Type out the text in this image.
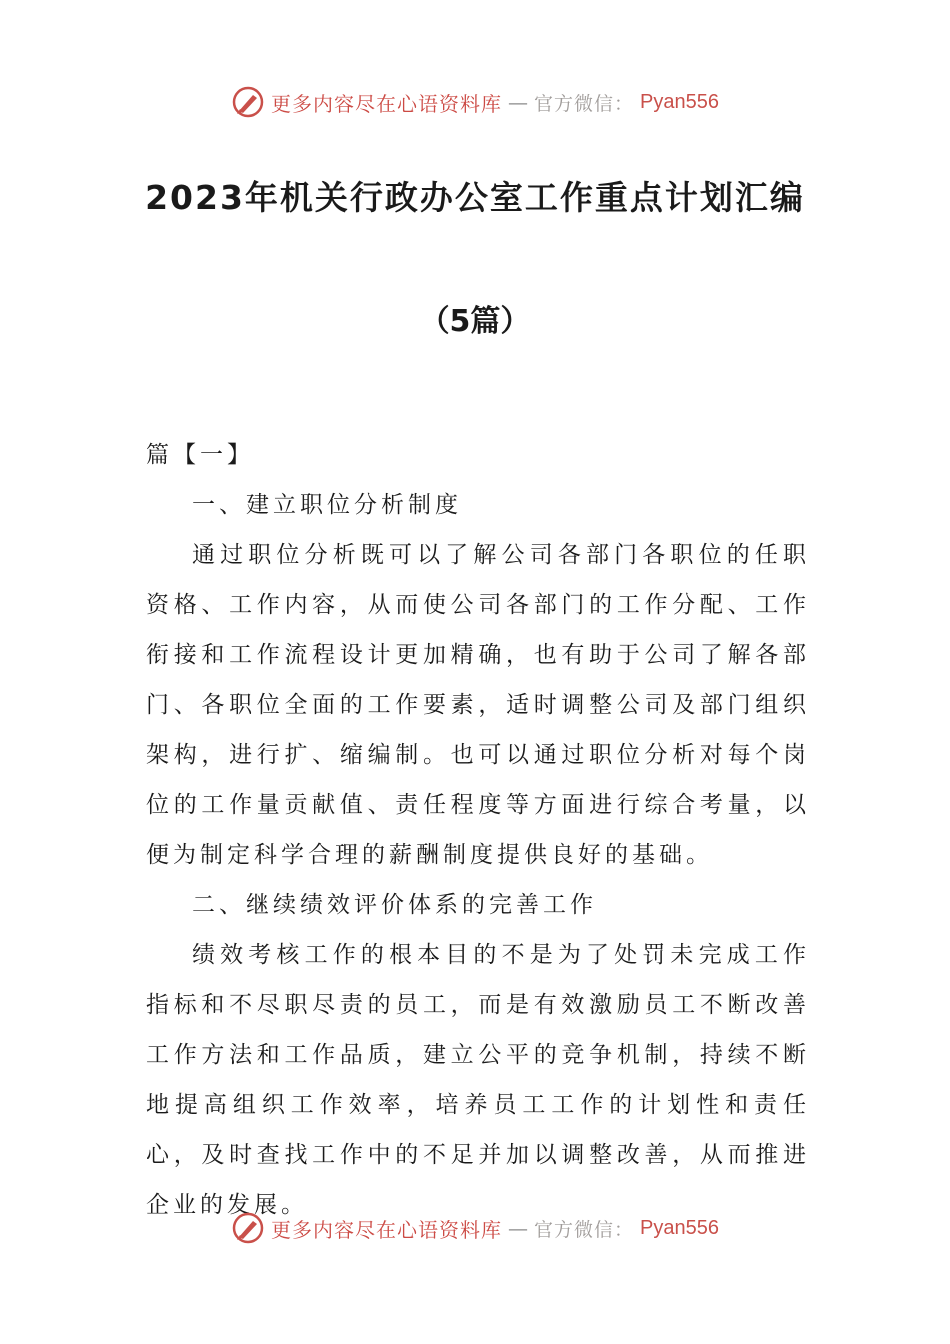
更多内容尽在心语资料库 — 官方微信： Pyan556
2023年机关行政办公室工作重点计划汇编
（5篇）

篇【一】

一、建立职位分析制度

通过职位分析既可以了解公司各部门各职位的任职资格、工作内容，从而使公司各部门的工作分配、工作衔接和工作流程设计更加精确，也有助于公司了解各部门、各职位全面的工作要素，适时调整公司及部门组织架构，进行扩、缩编制。也可以通过职位分析对每个岗位的工作量贡献值、责任程度等方面进行综合考量，以便为制定科学合理的薪酬制度提供良好的基础。

二、继续绩效评价体系的完善工作

绩效考核工作的根本目的不是为了处罚未完成工作指标和不尽职尽责的员工，而是有效激励员工不断改善工作方法和工作品质，建立公平的竞争机制，持续不断地提高组织工作效率，培养员工工作的计划性和责任心，及时查找工作中的不足并加以调整改善，从而推进企业的发展。

更多内容尽在心语资料库 — 官方微信： Pyan556
